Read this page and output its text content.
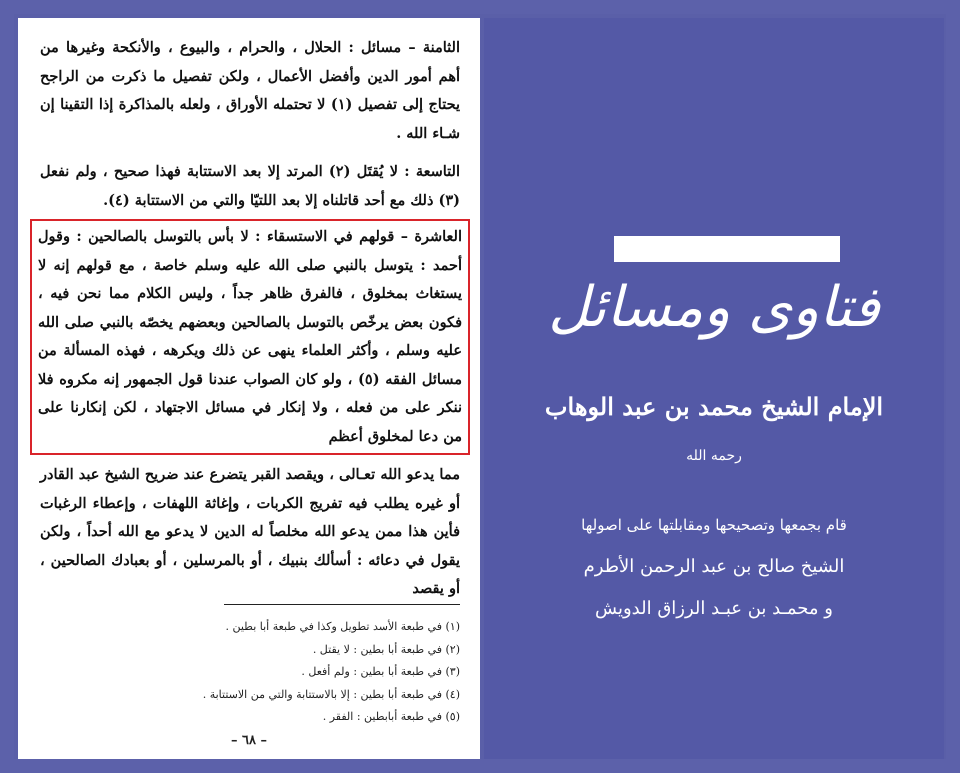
الثامنة – مسائل : الحلال ، والحرام ، والبيوع ، والأنكحة وغيرها من أهم أمور الدين وأفضل الأعمال ، ولكن تفصيل ما ذكرت من الراجح يحتاج إلى تفصيل (١) لا تحتمله الأوراق ، ولعله بالمذاكرة إذا التقينا إن شـاء الله .

التاسعة : لا يُقتَل (٢) المرتد إلا بعد الاستتابة فهذا صحيح ، ولم نفعل (٣) ذلك مع أحد قاتلناه إلا بعد اللتيّا والتي من الاستتابة (٤).

العاشرة – قولهم في الاستسقاء : لا بأس بالتوسل بالصالحين : وقول أحمد : يتوسل بالنبي صلى الله عليه وسلم خاصة ، مع قولهم إنه لا يستغاث بمخلوق ، فالفرق ظاهر جداً ، وليس الكلام مما نحن فيه ، فكون بعض يرخّص بالتوسل بالصالحين وبعضهم يخصّه بالنبي صلى الله عليه وسلم ، وأكثر العلماء ينهى عن ذلك ويكرهه ، فهذه المسألة من مسائل الفقه (٥) ، ولو كان الصواب عندنا قول الجمهور إنه مكروه فلا ننكر على من فعله ، ولا إنكار في مسائل الاجتهاد ، لكن إنكارنا على من دعا لمخلوق أعظم

مما يدعو الله تعـالى ، ويقصد القبر يتضرع عند ضريح الشيخ عبد القادر أو غيره يطلب فيه تفريج الكربات ، وإغاثة اللهفات ، وإعطاء الرغبات فأين هذا ممن يدعو الله مخلصاً له الدين لا يدعو مع الله أحداً ، ولكن يقول في دعائه : أسألك بنبيك ، أو بالمرسلين ، أو بعبادك الصالحين ، أو يقصد

(١) في طبعة الأسد تطويل وكذا في طبعة أبا بطين .
(٢) في طبعة أبا بطين : لا يقتل .
(٣) في طبعة أبا بطين : ولم أفعل .
(٤) في طبعة أبا بطين : إلا بالاستتابة والتي من الاستتابة .
(٥) في طبعة أبابطين : الفقر .
– ٦٨ –
فتاوى ومسائل
الإمام الشيخ محمد بن عبد الوهاب
رحمه الله
قام بجمعها وتصحيحها ومقابلتها على اصولها
الشيخ صالح بن عبد الرحمن الأطرم
و محمـد بن عبـد الرزاق الدويش
